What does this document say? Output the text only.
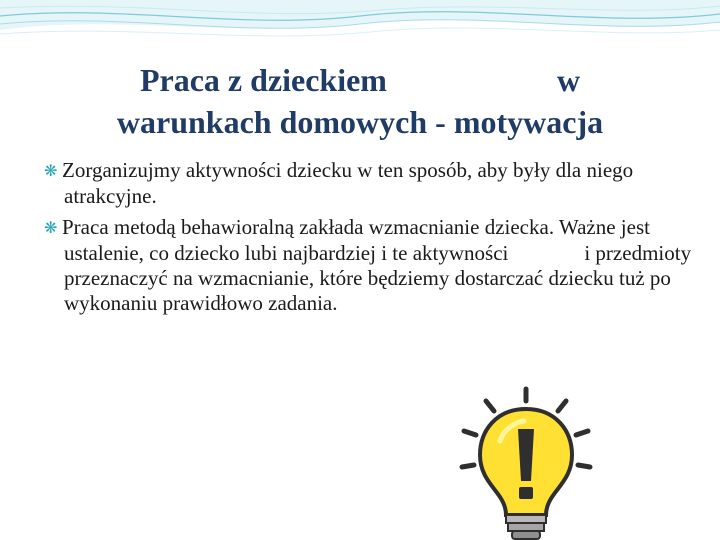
Praca z dzieckiem	w
warunkach domowych - motywacja

❋ Zorganizujmy aktywności dziecku w ten sposób, aby były dla niego atrakcyjne.

❋ Praca metodą behawioralną zakłada wzmacnianie dziecka. Ważne jest ustalenie, co dziecko lubi najbardziej i te aktywności	i przedmioty przeznaczyć na wzmacnianie, które będziemy dostarczać dziecku tuż po wykonaniu prawidłowo zadania.
